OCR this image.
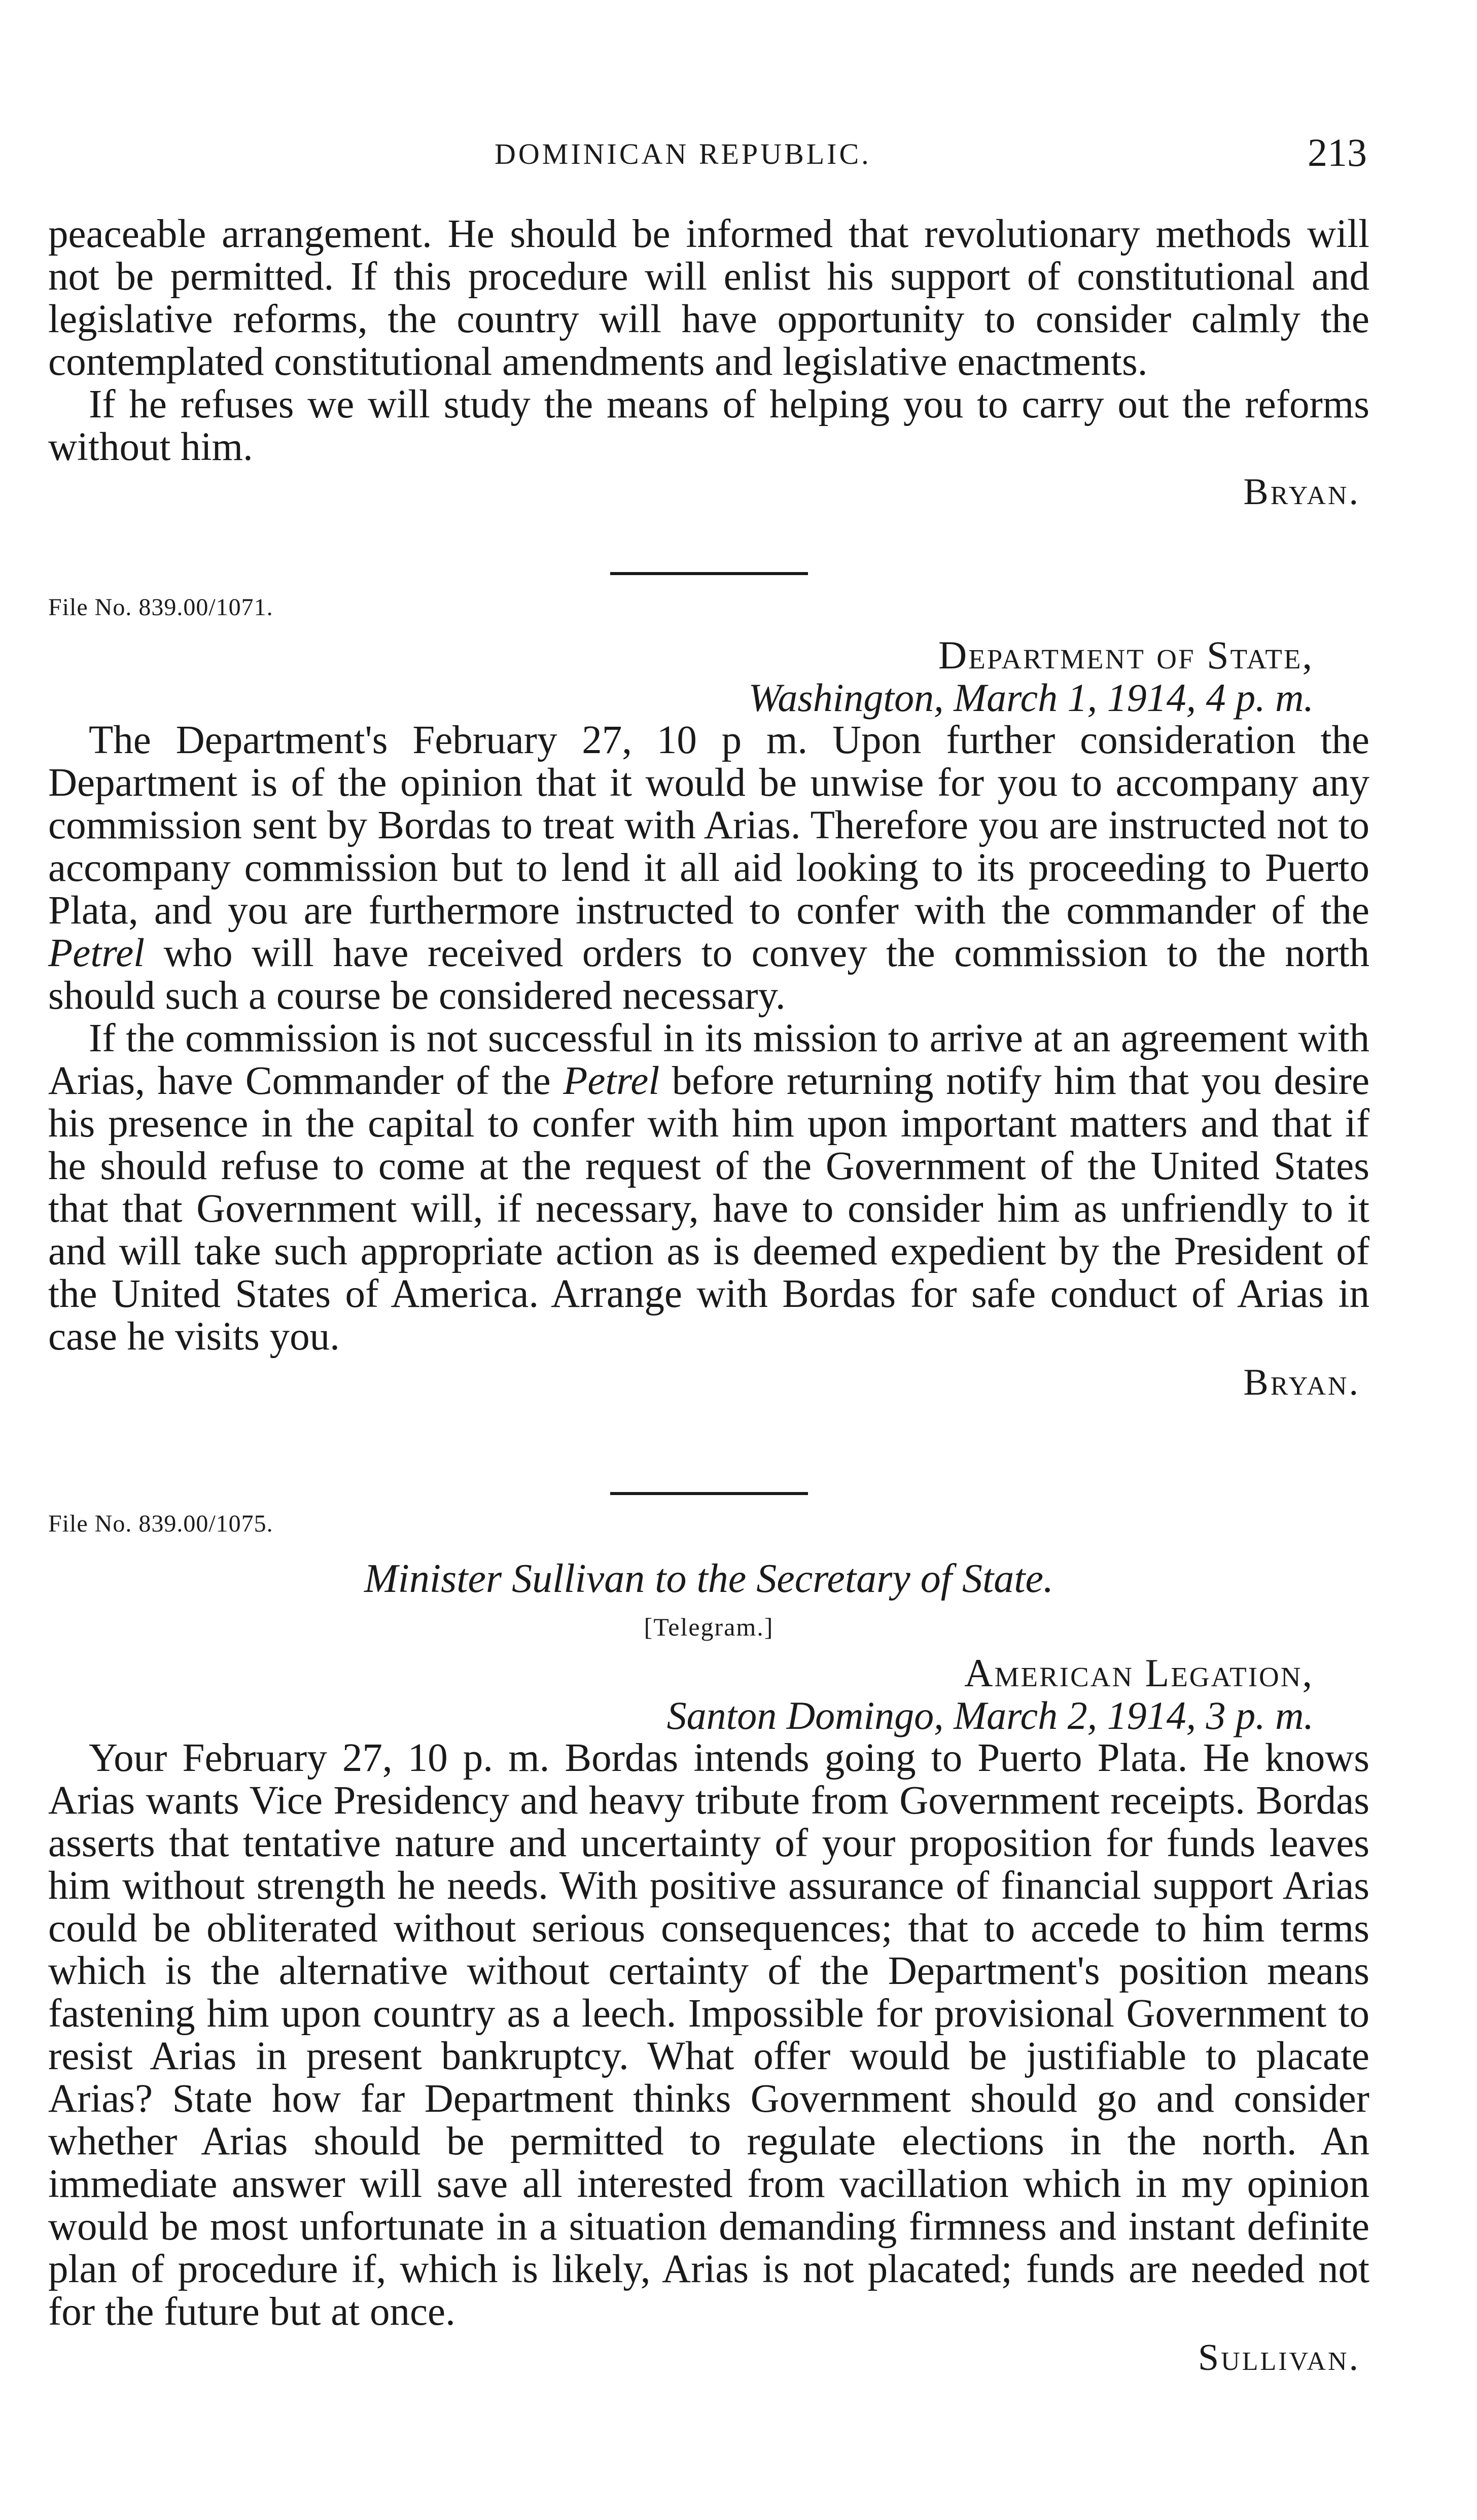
DOMINICAN REPUBLIC.	213

peaceable arrangement. He should be informed that revolutionary methods will not be permitted. If this procedure will enlist his support of constitutional and legislative reforms, the country will have opportunity to consider calmly the contemplated constitutional amendments and legislative enactments.

If he refuses we will study the means of helping you to carry out the reforms without him.

Bryan.

File No. 839.00/1071.

Department of State,

Washington, March 1, 1914, 4 p. m.

The Department's February 27, 10 p m. Upon further consideration the Department is of the opinion that it would be unwise for you to accompany any commission sent by Bordas to treat with Arias. Therefore you are instructed not to accompany commission but to lend it all aid looking to its proceeding to Puerto Plata, and you are furthermore instructed to confer with the commander of the Petrel who will have received orders to convey the commission to the north should such a course be considered necessary.

If the commission is not successful in its mission to arrive at an agreement with Arias, have Commander of the Petrel before returning notify him that you desire his presence in the capital to confer with him upon important matters and that if he should refuse to come at the request of the Government of the United States that that Government will, if necessary, have to consider him as unfriendly to it and will take such appropriate action as is deemed expedient by the President of the United States of America. Arrange with Bordas for safe conduct of Arias in case he visits you.

Bryan.

File No. 839.00/1075.

Minister Sullivan to the Secretary of State.

[Telegram.]

American Legation,

Santon Domingo, March 2, 1914, 3 p. m.

Your February 27, 10 p. m. Bordas intends going to Puerto Plata. He knows Arias wants Vice Presidency and heavy tribute from Government receipts. Bordas asserts that tentative nature and uncertainty of your proposition for funds leaves him without strength he needs. With positive assurance of financial support Arias could be obliterated without serious consequences; that to accede to him terms which is the alternative without certainty of the Department's position means fastening him upon country as a leech. Impossible for provisional Government to resist Arias in present bankruptcy. What offer would be justifiable to placate Arias? State how far Department thinks Government should go and consider whether Arias should be permitted to regulate elections in the north. An immediate answer will save all interested from vacillation which in my opinion would be most unfortunate in a situation demanding firmness and instant definite plan of procedure if, which is likely, Arias is not placated; funds are needed not for the future but at once.

Sullivan.
